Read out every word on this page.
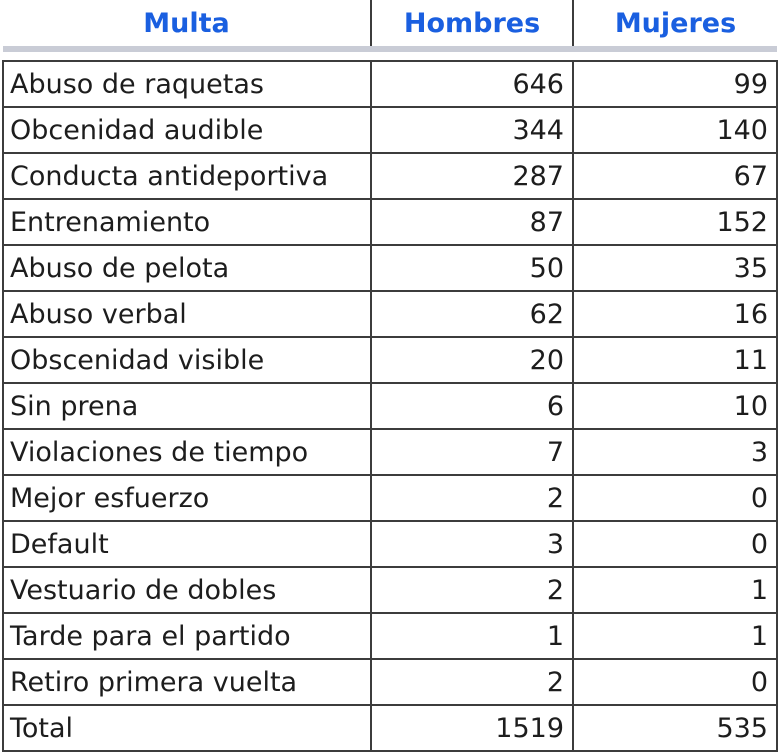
Multa	Hombres	Mujeres

Abuso de raquetas	646	99
Obcenidad audible	344	140
Conducta antideportiva	287	67
Entrenamiento	87	152
Abuso de pelota	50	35
Abuso verbal	62	16
Obscenidad visible	20	11
Sin prena	6	10
Violaciones de tiempo	7	3
Mejor esfuerzo	2	0
Default	3	0
Vestuario de dobles	2	1
Tarde para el partido	1	1
Retiro primera vuelta	2	0
Total	1519	535
